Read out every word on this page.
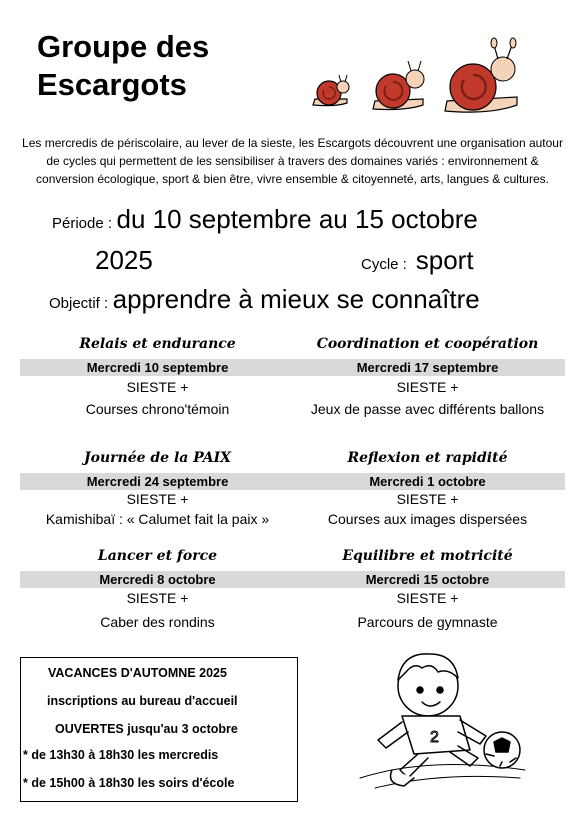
Groupe des
Escargots
Les mercredis de périscolaire, au lever de la sieste, les Escargots découvrent une organisation autour de cycles qui permettent de les sensibiliser à travers des domaines variés : environnement & conversion écologique, sport & bien être, vivre ensemble & citoyenneté, arts, langues & cultures.
Période : du 10 septembre au 15 octobre
2025	Cycle : sport
Objectif : apprendre à mieux se connaître
Relais et endurance
Mercredi 10 septembre
SIESTE +
Courses chrono'témoin
Coordination et coopération
Mercredi 17 septembre
SIESTE +
Jeux de passe avec différents ballons
Journée de la PAIX
Mercredi 24 septembre
SIESTE +
Kamishibaï : « Calumet fait la paix »
Reflexion et rapidité
Mercredi 1 octobre
SIESTE +
Courses aux images dispersées
Lancer et force
Mercredi 8 octobre
SIESTE +
Caber des rondins
Equilibre et motricité
Mercredi 15 octobre
SIESTE +
Parcours de gymnaste
VACANCES D'AUTOMNE 2025
inscriptions au bureau d'accueil
OUVERTES jusqu'au 3 octobre
* de 13h30 à 18h30 les mercredis
* de 15h00 à 18h30 les soirs d'école
2
